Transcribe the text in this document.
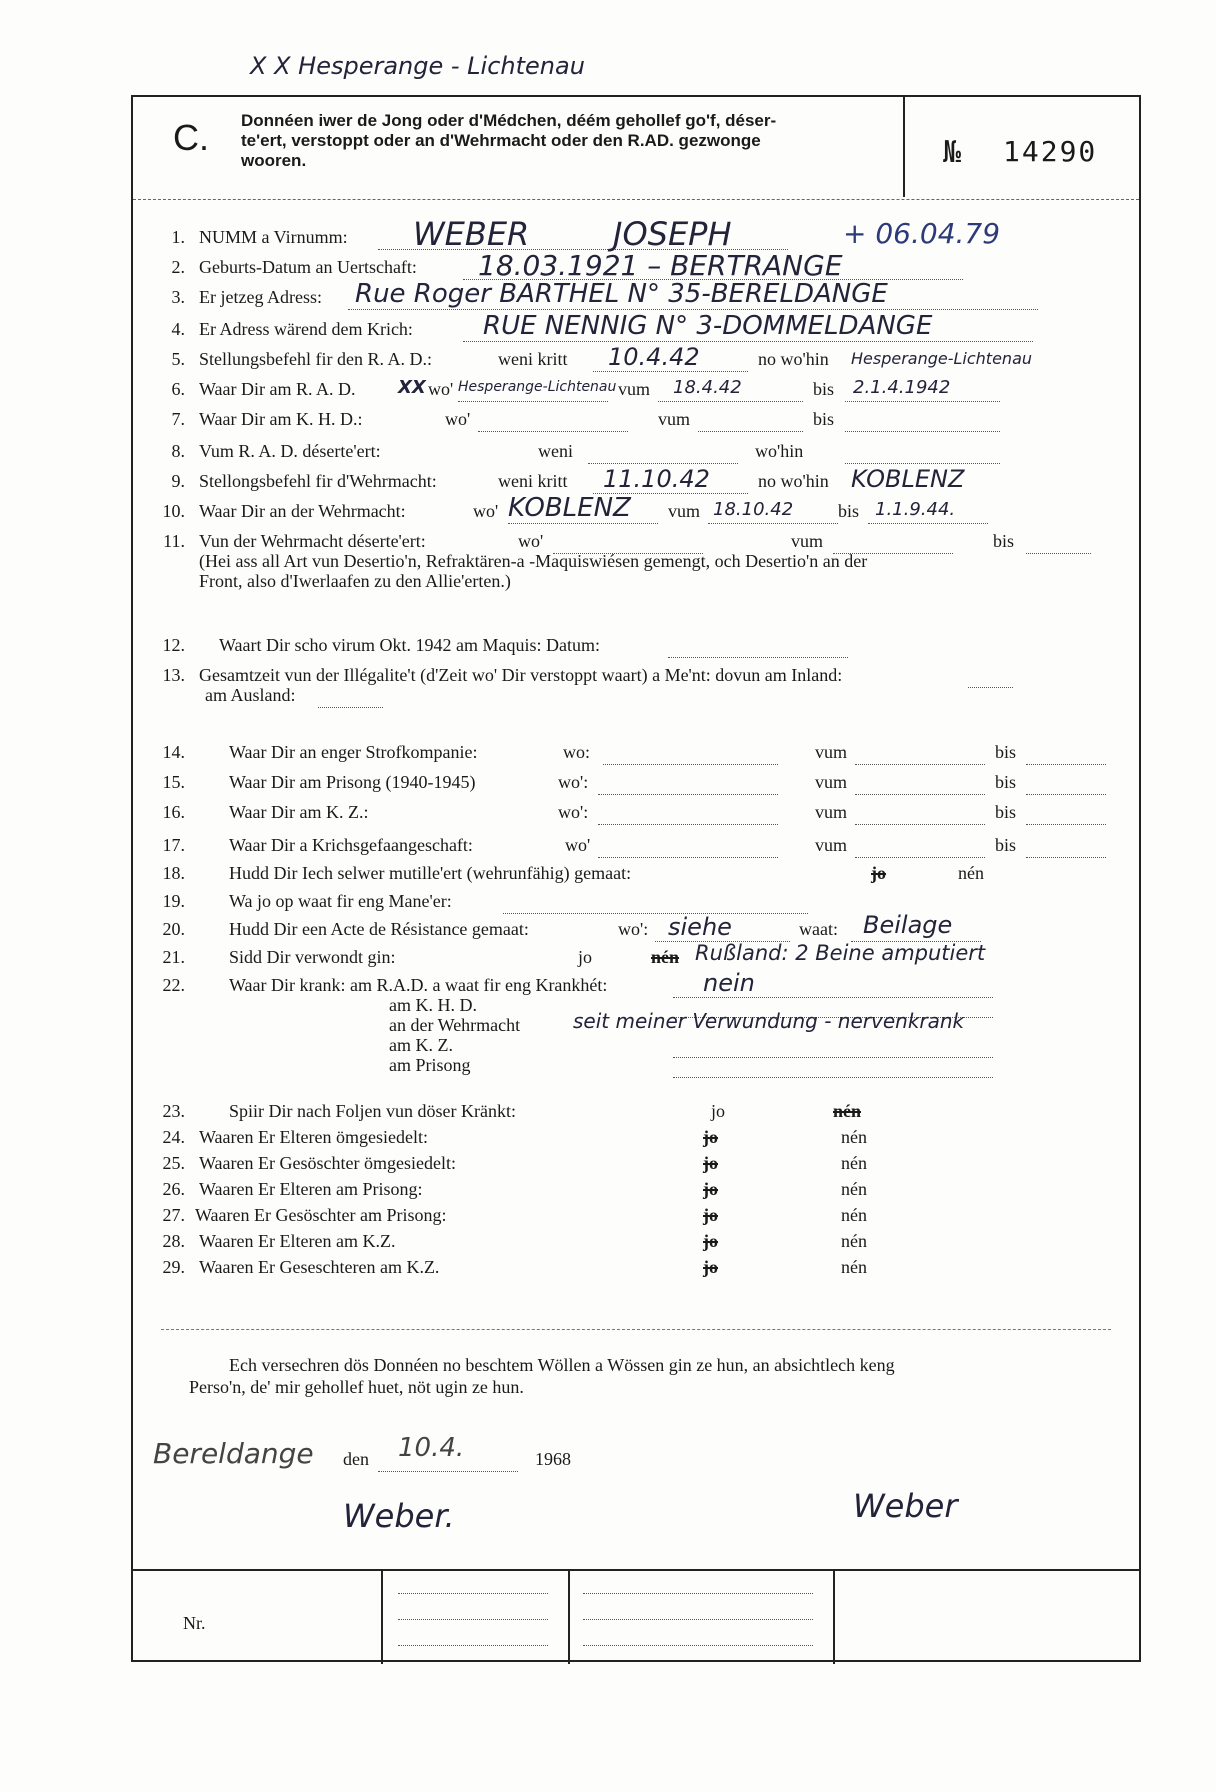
X X Hesperange - Lichtenau
C. Donnéen iwer de Jong oder d'Médchen, déém gehollef go'f, déser-
te'ert, verstoppt oder an d'Wehrmacht oder den R.AD. gezwonge
wooren.	№ 14290
1. NUMM a Virnumm: WEBER	JOSEPH	+ 06.04.79
2. Geburts-Datum an Uertschaft: 18.03.1921 – BERTRANGE
3. Er jetzeg Adress: Rue Roger BARTHEL N° 35-BERELDANGE
4. Er Adress wärend dem Krich:	RUE NENNIG N° 3-DOMMELDANGE
5. Stellungsbefehl fir den R. A. D.:	weni kritt 10.4.42	no wo'hin Hesperange-Lichtenau
6. Waar Dir am R. A. D. XX wo' Hesperange-Lichtenau vum 18.4.42	bis 2.1.4.1942
7. Waar Dir am K. H. D.:	wo'	vum	bis
8. Vum R. A. D. déserte'ert:	weni	wo'hin
9. Stellongsbefehl fir d'Wehrmacht:	weni kritt 11.10.42	no wo'hin KOBLENZ
10. Waar Dir an der Wehrmacht:	wo' KOBLENZ vum 18.10.42 bis 1.1.9.44.
11. Vun der Wehrmacht déserte'ert:	wo'	vum	bis
(Hei ass all Art vun Desertio'n, Refraktären-a -Maquiswiésen gemengt, och Desertio'n an der
Front, also d'Iwerlaafen zu den Allie'erten.)
12. Waart Dir scho virum Okt. 1942 am Maquis: Datum:
13. Gesamtzeit vun der Illégalite't (d'Zeit wo' Dir verstoppt waart) a Me'nt: dovun am Inland:
am Ausland:
14. Waar Dir an enger Strofkompanie:	wo:	vum	bis
15. Waar Dir am Prisong (1940-1945)	wo':	vum	bis
16. Waar Dir am K. Z.:	wo':	vum	bis
17. Waar Dir a Krichsgefaangeschaft:	wo'	vum	bis
18. Hudd Dir Iech selwer mutille'ert (wehrunfähig) gemaat:	jo	nén
19. Wa jo op waat fir eng Mane'er:
20. Hudd Dir een Acte de Résistance gemaat:	wo': siehe	waat: Beilage
21. Sidd Dir verwondt gin:	jo	nén Rußland: 2 Beine amputiert
22. Waar Dir krank: am R.A.D. a waat fir eng Krankhét:	nein
am K. H. D.
an der Wehrmacht	seit meiner Verwundung - nervenkrank
am K. Z.
am Prisong
23. Spiir Dir nach Foljen vun döser Kränkt:	jo	nén
24. Waaren Er Elteren ömgesiedelt:	jo	nén
25. Waaren Er Gesöschter ömgesiedelt:	jo	nén
26. Waaren Er Elteren am Prisong:	jo	nén
27. Waaren Er Gesöschter am Prisong:	jo	nén
28. Waaren Er Elteren am K.Z.	jo	nén
29. Waaren Er Geseschteren am K.Z.	jo	nén
Ech versechren dös Donnéen no beschtem Wöllen a Wössen gin ze hun, an absichtlech keng
Perso'n, de' mir gehollef huet, nöt ugin ze hun.
Bereldange den 10.4.	1968
Weber.	Weber
Nr.
